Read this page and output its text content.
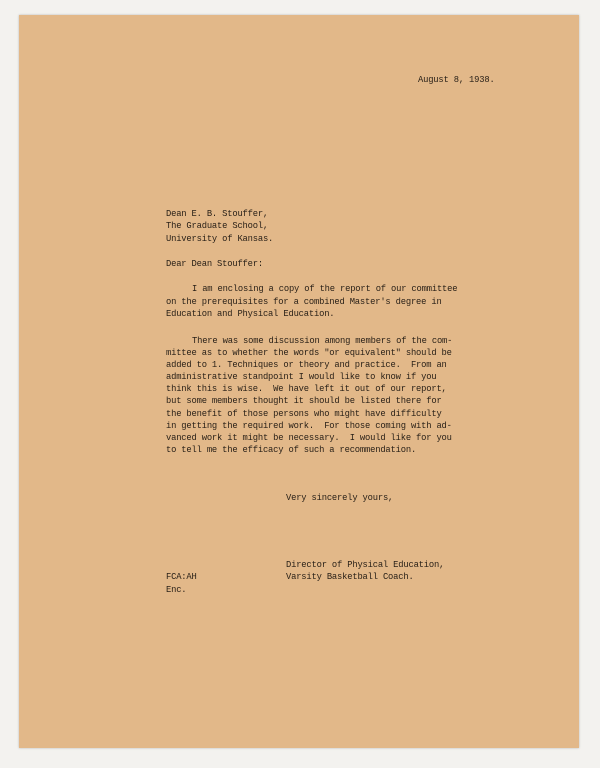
August 8, 1938.
Dean E. B. Stouffer,
The Graduate School,
University of Kansas.
Dear Dean Stouffer:
I am enclosing a copy of the report of our committee
on the prerequisites for a combined Master's degree in
Education and Physical Education.
There was some discussion among members of the com-
mittee as to whether the words "or equivalent" should be
added to 1. Techniques or theory and practice.  From an
administrative standpoint I would like to know if you
think this is wise.  We have left it out of our report,
but some members thought it should be listed there for
the benefit of those persons who might have difficulty
in getting the required work.  For those coming with ad-
vanced work it might be necessary.  I would like for you
to tell me the efficacy of such a recommendation.
Very sincerely yours,
Director of Physical Education,
Varsity Basketball Coach.
FCA:AH
Enc.
